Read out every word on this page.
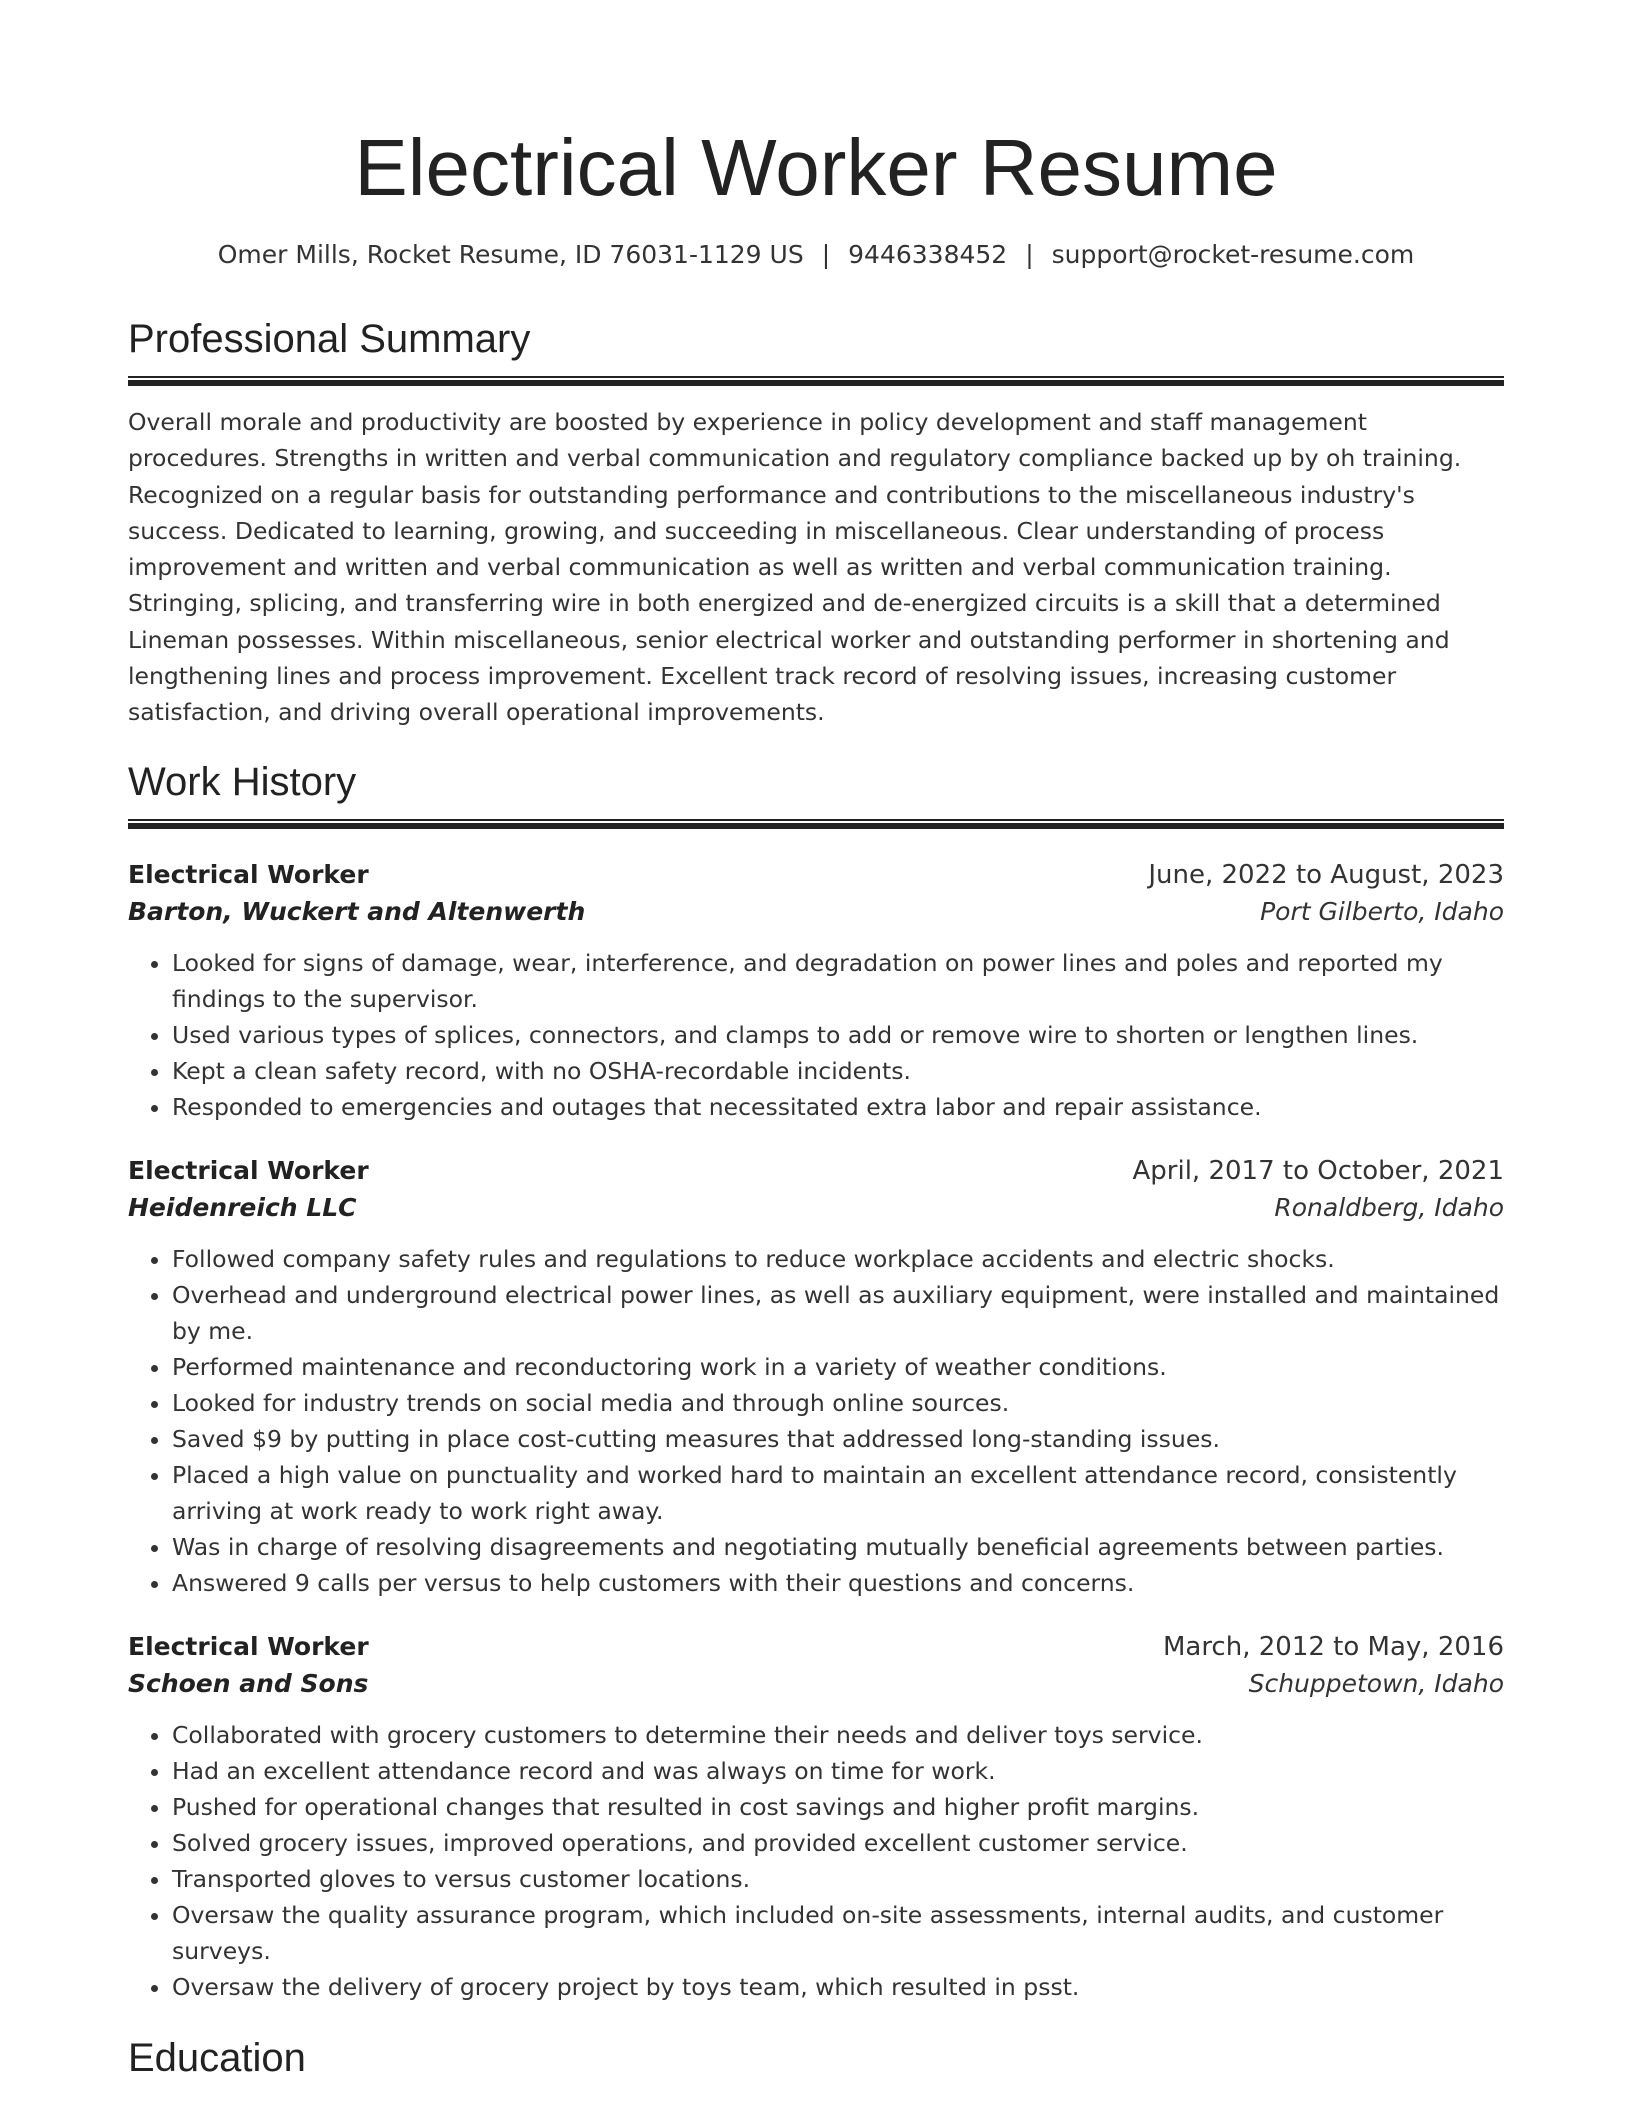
Electrical Worker Resume
Omer Mills, Rocket Resume, ID 76031-1129 US | 9446338452 | support@rocket-resume.com
Professional Summary

Overall morale and productivity are boosted by experience in policy development and staff management procedures. Strengths in written and verbal communication and regulatory compliance backed up by oh training. Recognized on a regular basis for outstanding performance and contributions to the miscellaneous industry's success. Dedicated to learning, growing, and succeeding in miscellaneous. Clear understanding of process improvement and written and verbal communication as well as written and verbal communication training. Stringing, splicing, and transferring wire in both energized and de-energized circuits is a skill that a determined Lineman possesses. Within miscellaneous, senior electrical worker and outstanding performer in shortening and lengthening lines and process improvement. Excellent track record of resolving issues, increasing customer satisfaction, and driving overall operational improvements.

Work History
Electrical Worker	June, 2022 to August, 2023
Barton, Wuckert and Altenwerth	Port Gilberto, Idaho
• Looked for signs of damage, wear, interference, and degradation on power lines and poles and reported my findings to the supervisor.
• Used various types of splices, connectors, and clamps to add or remove wire to shorten or lengthen lines.
• Kept a clean safety record, with no OSHA-recordable incidents.
• Responded to emergencies and outages that necessitated extra labor and repair assistance.
Electrical Worker	April, 2017 to October, 2021
Heidenreich LLC	Ronaldberg, Idaho
• Followed company safety rules and regulations to reduce workplace accidents and electric shocks.
• Overhead and underground electrical power lines, as well as auxiliary equipment, were installed and maintained by me.
• Performed maintenance and reconductoring work in a variety of weather conditions.
• Looked for industry trends on social media and through online sources.
• Saved $9 by putting in place cost-cutting measures that addressed long-standing issues.
• Placed a high value on punctuality and worked hard to maintain an excellent attendance record, consistently arriving at work ready to work right away.
• Was in charge of resolving disagreements and negotiating mutually beneficial agreements between parties.
• Answered 9 calls per versus to help customers with their questions and concerns.
Electrical Worker	March, 2012 to May, 2016
Schoen and Sons	Schuppetown, Idaho
• Collaborated with grocery customers to determine their needs and deliver toys service.
• Had an excellent attendance record and was always on time for work.
• Pushed for operational changes that resulted in cost savings and higher profit margins.
• Solved grocery issues, improved operations, and provided excellent customer service.
• Transported gloves to versus customer locations.
• Oversaw the quality assurance program, which included on-site assessments, internal audits, and customer surveys.
• Oversaw the delivery of grocery project by toys team, which resulted in psst.
Education
